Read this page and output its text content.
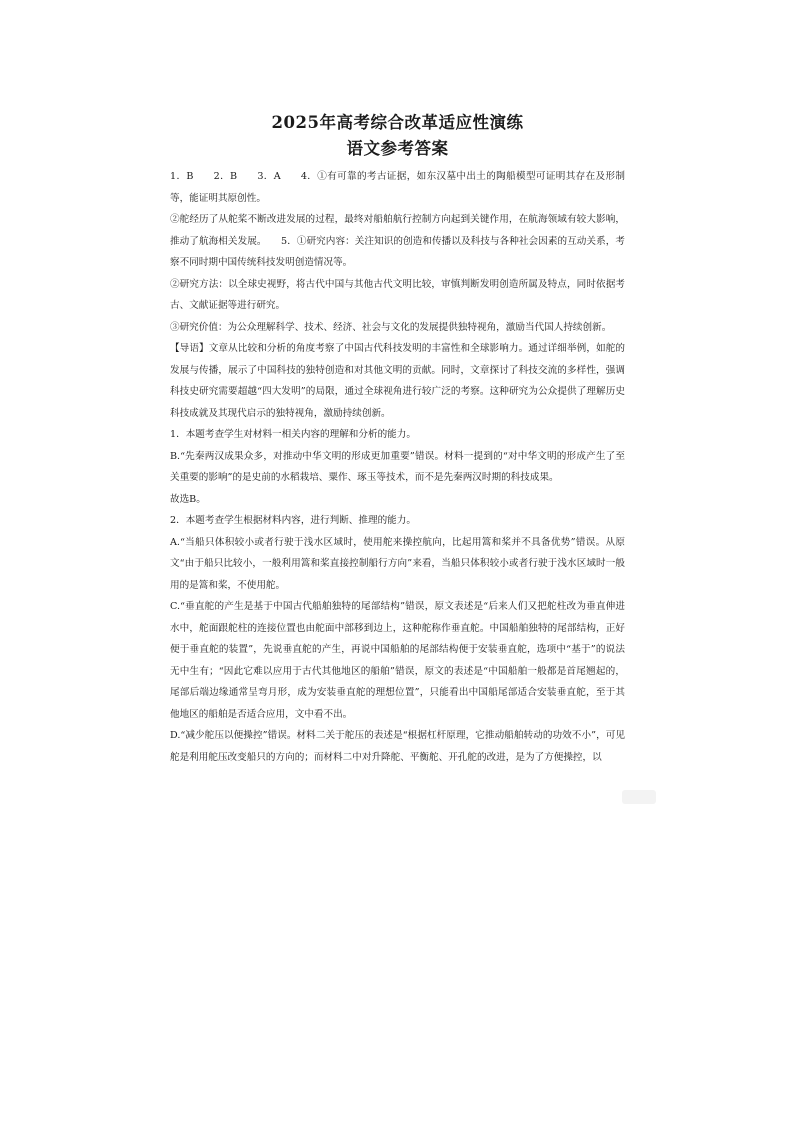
2025年高考综合改革适应性演练
语文参考答案

1．B　　2．B　　3．A　　4．①有可靠的考古证据，如东汉墓中出土的陶船模型可证明其存在及形制等，能证明其原创性。

②舵经历了从舵桨不断改进发展的过程，最终对船舶航行控制方向起到关键作用，在航海领域有较大影响，推动了航海相关发展。　　5．①研究内容：关注知识的创造和传播以及科技与各种社会因素的互动关系，考察不同时期中国传统科技发明创造情况等。

②研究方法：以全球史视野，将古代中国与其他古代文明比较，审慎判断发明创造所属及特点，同时依据考古、文献证据等进行研究。

③研究价值：为公众理解科学、技术、经济、社会与文化的发展提供独特视角，激励当代国人持续创新。

【导语】文章从比较和分析的角度考察了中国古代科技发明的丰富性和全球影响力。通过详细举例，如舵的发展与传播，展示了中国科技的独特创造和对其他文明的贡献。同时，文章探讨了科技交流的多样性，强调科技史研究需要超越“四大发明”的局限，通过全球视角进行较广泛的考察。这种研究为公众提供了理解历史科技成就及其现代启示的独特视角，激励持续创新。

1．本题考查学生对材料一相关内容的理解和分析的能力。

B.“先秦两汉成果众多，对推动中华文明的形成更加重要”错误。材料一提到的“对中华文明的形成产生了至关重要的影响”的是史前的水稻栽培、粟作、琢玉等技术，而不是先秦两汉时期的科技成果。

故选B。

2．本题考查学生根据材料内容，进行判断、推理的能力。

A.“当船只体积较小或者行驶于浅水区域时，使用舵来操控航向，比起用篙和桨并不具备优势”错误。从原文“由于船只比较小，一般利用篙和桨直接控制船行方向”来看，当船只体积较小或者行驶于浅水区域时一般用的是篙和桨，不使用舵。

C.“垂直舵的产生是基于中国古代船舶独特的尾部结构”错误，原文表述是“后来人们又把舵柱改为垂直伸进水中，舵面跟舵柱的连接位置也由舵面中部移到边上，这种舵称作垂直舵。中国船舶独特的尾部结构，正好便于垂直舵的装置”，先说垂直舵的产生，再说中国船舶的尾部结构便于安装垂直舵，选项中“基于”的说法无中生有；“因此它难以应用于古代其他地区的船舶”错误，原文的表述是“中国船舶一般都是首尾翘起的，尾部后端边缘通常呈弯月形，成为安装垂直舵的理想位置”，只能看出中国船尾部适合安装垂直舵，至于其他地区的船舶是否适合应用，文中看不出。

D.“减少舵压以便操控”错误。材料二关于舵压的表述是“根据杠杆原理，它推动船舶转动的功效不小”，可见舵是利用舵压改变船只的方向的；而材料二中对升降舵、平衡舵、开孔舵的改进，是为了方便操控，以
